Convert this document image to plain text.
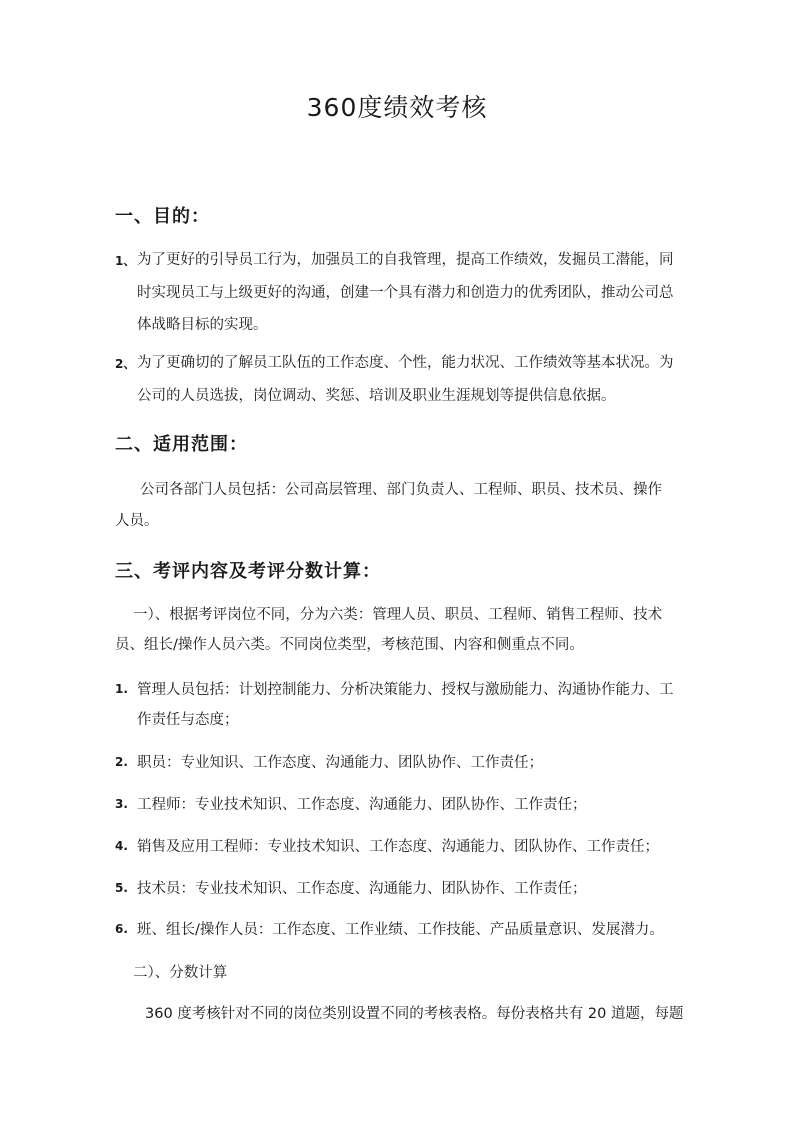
360度绩效考核
一、目的：
1、 为了更好的引导员工行为，加强员工的自我管理，提高工作绩效，发掘员工潜能，同
时实现员工与上级更好的沟通，创建一个具有潜力和创造力的优秀团队，推动公司总
体战略目标的实现。
2、 为了更确切的了解员工队伍的工作态度、个性，能力状况、工作绩效等基本状况。为
公司的人员选拔，岗位调动、奖惩、培训及职业生涯规划等提供信息依据。
二、适用范围：
公司各部门人员包括：公司高层管理、部门负责人、工程师、职员、技术员、操作
人员。
三、考评内容及考评分数计算：
一）、根据考评岗位不同，分为六类：管理人员、职员、工程师、销售工程师、技术
员、组长/操作人员六类。不同岗位类型，考核范围、内容和侧重点不同。
1. 管理人员包括：计划控制能力、分析决策能力、授权与激励能力、沟通协作能力、工
作责任与态度；
2. 职员：专业知识、工作态度、沟通能力、团队协作、工作责任；
3. 工程师：专业技术知识、工作态度、沟通能力、团队协作、工作责任；
4. 销售及应用工程师：专业技术知识、工作态度、沟通能力、团队协作、工作责任；
5. 技术员：专业技术知识、工作态度、沟通能力、团队协作、工作责任；
6. 班、组长/操作人员：工作态度、工作业绩、工作技能、产品质量意识、发展潜力。
二）、分数计算
360 度考核针对不同的岗位类别设置不同的考核表格。每份表格共有 20 道题，每题
